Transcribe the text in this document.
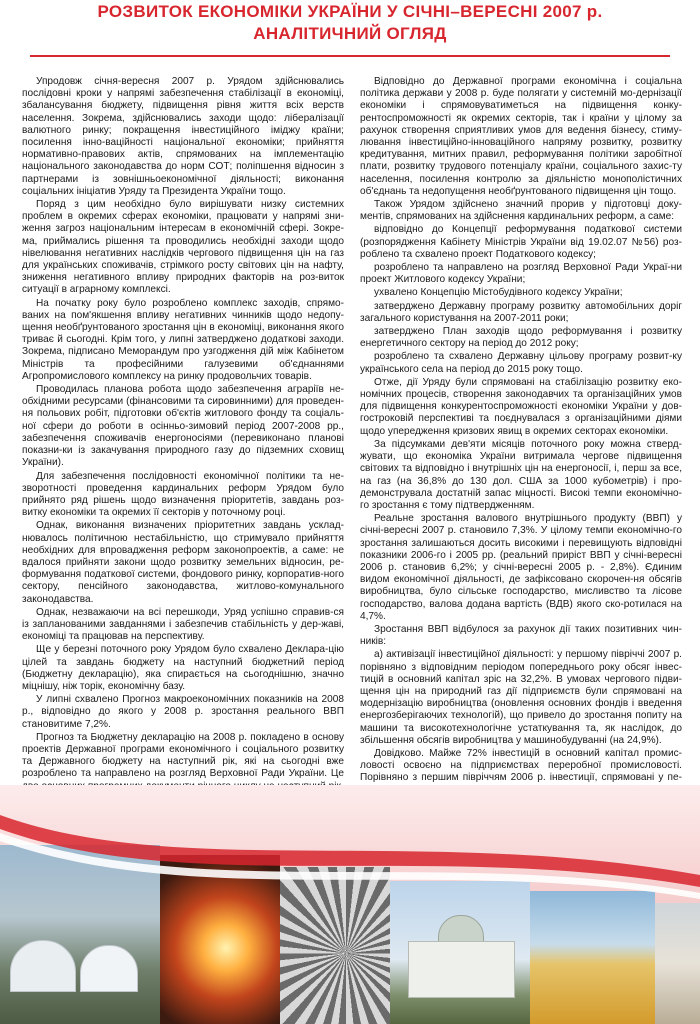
РОЗВИТОК ЕКОНОМІКИ УКРАЇНИ У СІЧНІ–ВЕРЕСНІ 2007 р.
АНАЛІТИЧНИЙ ОГЛЯД

Упродовж січня-вересня 2007 р. Урядом здійснювались послідовні кроки у напрямі забезпечення стабілізації в економіці, збалансування бюджету, підвищення рівня життя всіх верств населення. Зокрема, здійснювались заходи щодо: лібералізації валютного ринку; покращення інвестиційного іміджу країни; посилення інно-ваційності національної економіки; прийняття нормативно-правових актів, спрямованих на імплементацію національного законодавства до норм СОТ; поліпшення відносин з партнерами із зовнішньоекономічної діяльності; виконання соціальних ініціатив Уряду та Президента України тощо.

Поряд з цим необхідно було вирішувати низку системних проблем в окремих сферах економіки, працювати у напрямі зни-ження загроз національним інтересам в економічній сфері. Зокре-ма, приймались рішення та проводились необхідні заходи щодо нівелювання негативних наслідків чергового підвищення цін на газ для українських споживачів, стрімкого росту світових цін на нафту, зниження негативного впливу природних факторів на роз-виток ситуації в аграрному комплексі.

На початку року було розроблено комплекс заходів, спрямо-ваних на пом'якшення впливу негативних чинників щодо недопу-щення необґрунтованого зростання цін в економіці, виконання якого триває й сьогодні. Крім того, у липні затверджено додаткові заходи. Зокрема, підписано Меморандум про узгодження дій між Кабінетом Міністрів та професійними галузевими об'єднаннями Агропромислового комплексу на ринку продовольчих товарів.

Проводилась планова робота щодо забезпечення аграріїв не-обхідними ресурсами (фінансовими та сировинними) для проведен-ня польових робіт, підготовки об'єктів житлового фонду та соціаль-ної сфери до роботи в осінньо-зимовий період 2007-2008 рр., забезпечення споживачів енергоносіями (перевиконано планові показни-ки із закачування природного газу до підземних сховищ України).

Для забезпечення послідовності економічної політики та не-зворотності проведення кардинальних реформ Урядом було прийнято ряд рішень щодо визначення пріоритетів, завдань роз-витку економіки та окремих її секторів у поточному році.

Однак, виконання визначених пріоритетних завдань усклад-нювалось політичною нестабільністю, що стримувало прийняття необхідних для впровадження реформ законопроектів, а саме: не вдалося прийняти закони щодо розвитку земельних відносин, ре-формування податкової системи, фондового ринку, корпоратив-ного сектору, пенсійного законодавства, житлово-комунального законодавства.

Однак, незважаючи на всі перешкоди, Уряд успішно справив-ся із запланованими завданнями і забезпечив стабільність у дер-жаві, економіці та працював на перспективу.

Ще у березні поточного року Урядом було схвалено Деклара-цію цілей та завдань бюджету на наступний бюджетний період (Бюджетну декларацію), яка спирається на сьогоднішню, значно міцнішу, ніж торік, економічну базу.

У липні схвалено Прогноз макроекономічних показників на 2008 р., відповідно до якого у 2008 р. зростання реального ВВП становитиме 7,2%.

Прогноз та Бюджетну декларацію на 2008 р. покладено в основу проектів Державної програми економічного і соціального розвитку та Державного бюджету на наступний рік, які на сьогодні вже розроблено та направлено на розгляд Верховної Ради України. Це

Відповідно до Державної програми економічна і соціальна політика держави у 2008 р. буде полягати у системній мо-дернізації економіки і спрямовуватиметься на підвищення конку-рентоспроможності як окремих секторів, так і країни у цілому за рахунок створення сприятливих умов для ведення бізнесу, стиму-лювання інвестиційно-інноваційного напряму розвитку, розвитку кредитування, митних правил, реформування політики заробітної плати, розвитку трудового потенціалу країни, соціального захис-ту населення, посилення контролю за діяльністю монополістичних об'єднань та недопущення необґрунтованого підвищення цін тощо.

Також Урядом здійснено значний прорив у підготовці доку-ментів, спрямованих на здійснення кардинальних реформ, а саме:

відповідно до Концепції реформування податкової системи (розпорядження Кабінету Міністрів України від 19.02.07 №56) роз-роблено та схвалено проект Податкового кодексу;

розроблено та направлено на розгляд Верховної Ради Украї-ни проект Житлового кодексу України;

ухвалено Концепцію Містобудівного кодексу України;

затверджено Державну програму розвитку автомобільних доріг загального користування на 2007-2011 роки;

затверджено План заходів щодо реформування і розвитку енергетичного сектору на період до 2012 року;

розроблено та схвалено Державну цільову програму розвит-ку українського села на період до 2015 року тощо.

Отже, дії Уряду були спрямовані на стабілізацію розвитку еко-номічних процесів, створення законодавчих та організаційних умов для підвищення конкурентоспроможності економіки України у дов-гостроковій перспективі та поєднувалася з організаційними діями щодо упередження кризових явищ в окремих секторах економіки.

За підсумками дев'яти місяців поточного року можна стверд-жувати, що економіка України витримала чергове підвищення світових та відповідно і внутрішніх цін на енергоносії, і, перш за все, на газ (на 36,8% до 130 дол. США за 1000 кубометрів) і про-демонструвала достатній запас міцності. Високі темпи економічно-го зростання є тому підтвердженням.

Реальне зростання валового внутрішнього продукту (ВВП) у січні-вересні 2007 р. становило 7,3%. У цілому темпи економічно-го зростання залишаються досить високими і перевищують відповідні показники 2006-го і 2005 рр. (реальний приріст ВВП у січні-вересні 2006 р. становив 6,2%; у січні-вересні 2005 р. - 2,8%). Єдиним видом економічної діяльності, де зафіксовано скорочен-ня обсягів виробництва, було сільське господарство, мисливство та лісове господарство, валова додана вартість (ВДВ) якого ско-ротилася на 4,7%.

Зростання ВВП відбулося за рахунок дії таких позитивних чин-ників:

а) активізації інвестиційної діяльності: у першому півріччі 2007 р. порівняно з відповідним періодом попереднього року обсяг інвес-тицій в основний капітал зріс на 32,2%. В умовах чергового підви-щення цін на природний газ дії підприємств були спрямовані на модернізацію виробництва (оновлення основних фондів і введення енергозберігаючих технологій), що привело до зростання попиту на машини та високотехнологічне устаткування та, як наслідок, до збільшення обсягів виробництва у машинобудуванні (на 24,9%).

Довідково. Майже 72% інвестицій в основний капітал промис-ловості освоєно на підприємствах переробної промисловості. Порівняно з першим півріччям 2006 р. інвестиції, спрямовані у пе-
